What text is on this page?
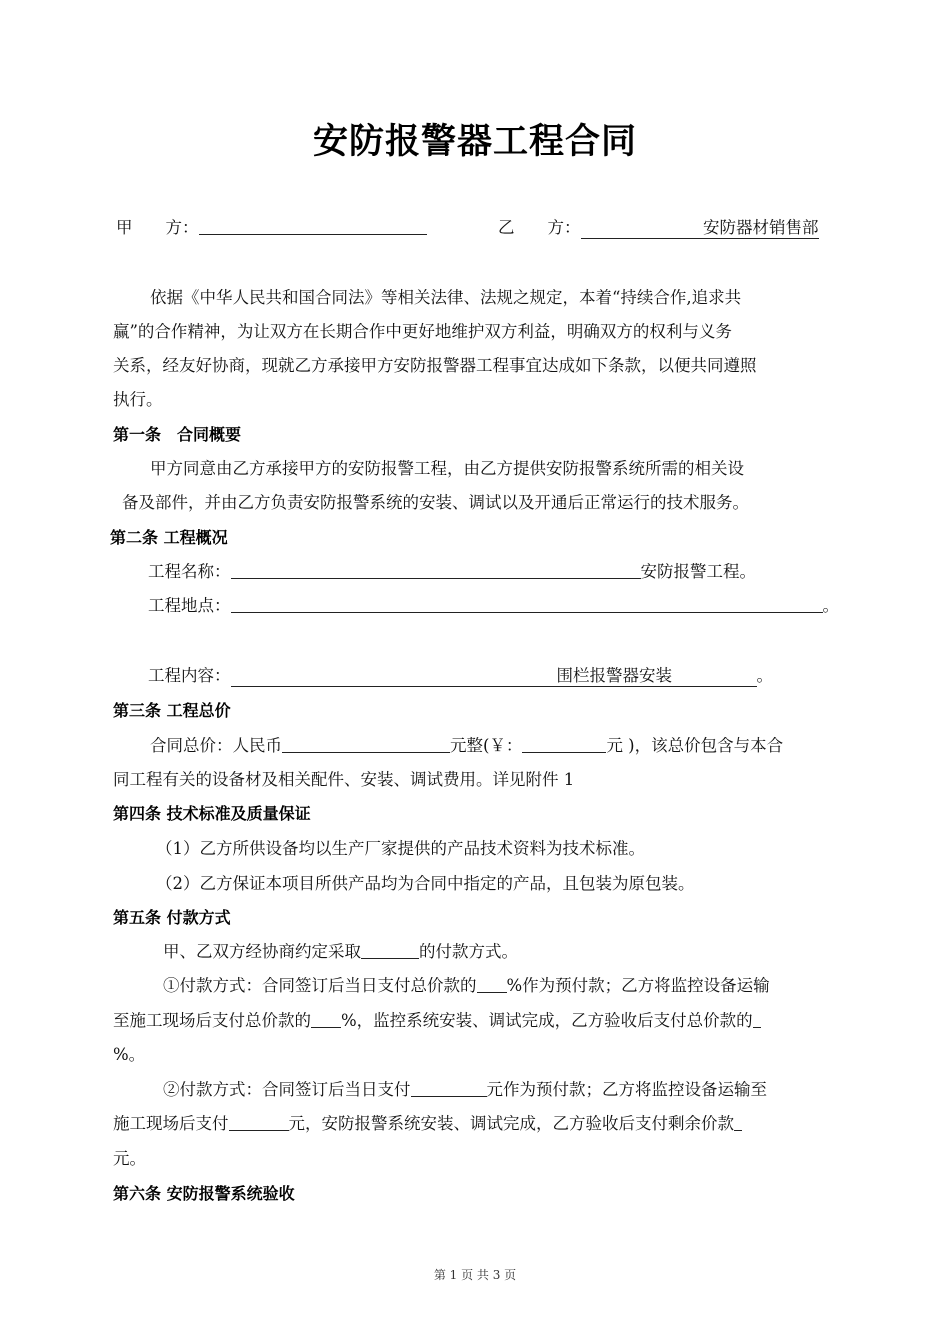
安防报警器工程合同
甲　　方：	乙　　方：	安防器材销售部
依据《中华人民共和国合同法》等相关法律、法规之规定，本着“持续合作,追求共
赢”的合作精神，为让双方在长期合作中更好地维护双方利益，明确双方的权利与义务
关系，经友好协商，现就乙方承接甲方安防报警器工程事宜达成如下条款，以便共同遵照
执行。
第一条　合同概要
甲方同意由乙方承接甲方的安防报警工程，由乙方提供安防报警系统所需的相关设
备及部件，并由乙方负责安防报警系统的安装、调试以及开通后正常运行的技术服务。
第二条 工程概况
工程名称：	安防报警工程。
工程地点：	。
工程内容：	围栏报警器安装	。
第三条 工程总价
合同总价：人民币	元整(￥：	元 )，该总价包含与本合
同工程有关的设备材及相关配件、安装、调试费用。详见附件 1
第四条 技术标准及质量保证
（1）乙方所供设备均以生产厂家提供的产品技术资料为技术标准。
（2）乙方保证本项目所供产品均为合同中指定的产品，且包装为原包装。
第五条 付款方式
甲、乙双方经协商约定采取	的付款方式。
①付款方式：合同签订后当日支付总价款的 %作为预付款；乙方将监控设备运输
至施工现场后支付总价款的 %，监控系统安装、调试完成，乙方验收后支付总价款的
%。
②付款方式：合同签订后当日支付	元作为预付款；乙方将监控设备运输至
施工现场后支付	元，安防报警系统安装、调试完成，乙方验收后支付剩余价款
元。
第六条 安防报警系统验收
第 1 页 共 3 页
